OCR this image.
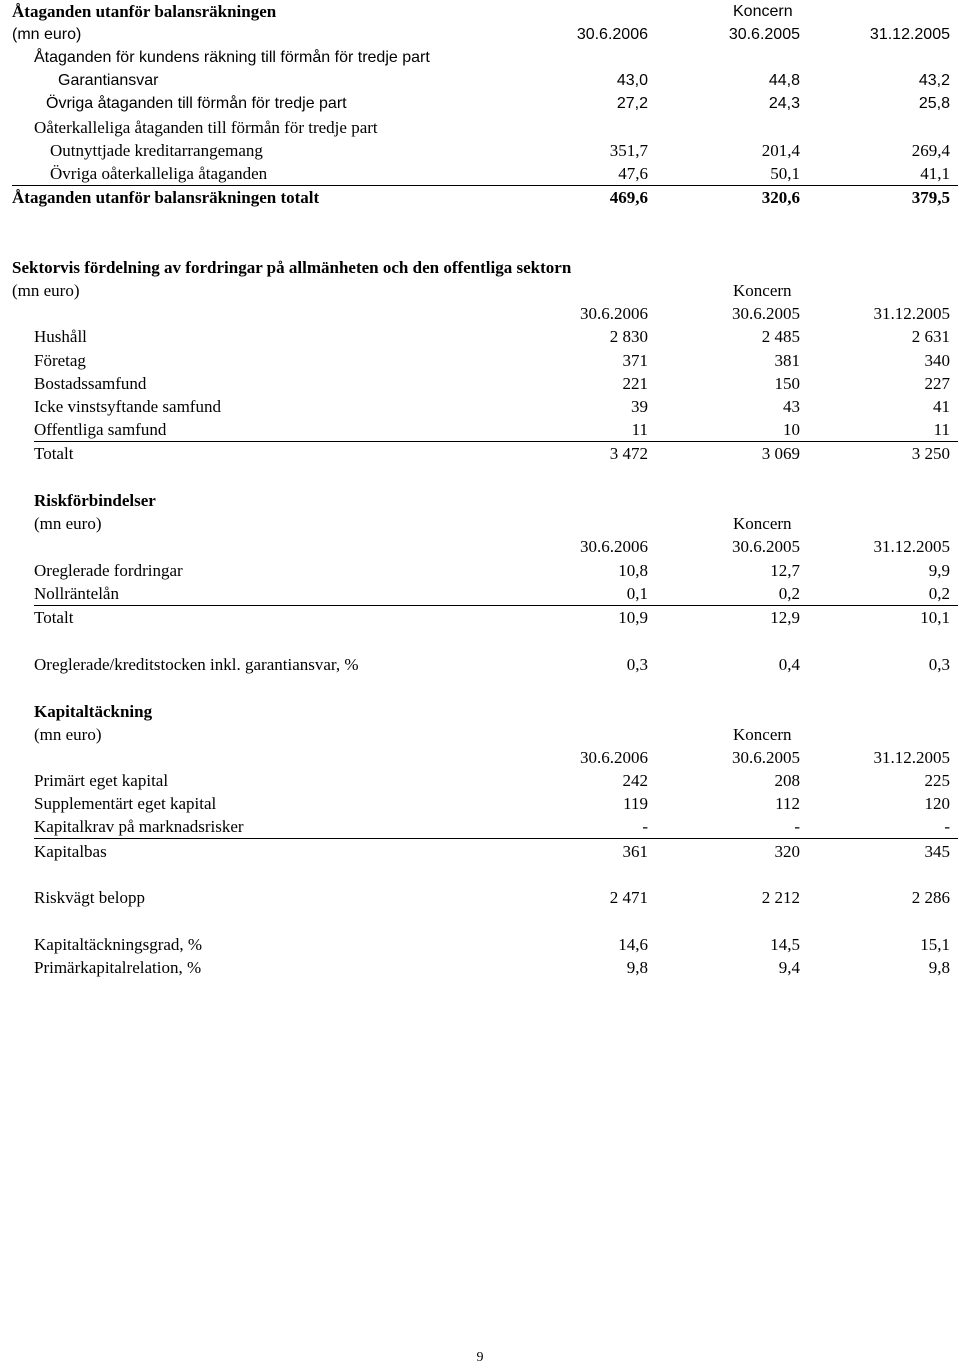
Åtaganden utanför balansräkningen	Koncern
(mn euro)	30.6.2006	30.6.2005	31.12.2005
Åtaganden för kundens räkning till förmån för tredje part
Garantiansvar	43,0	44,8	43,2
Övriga åtaganden till förmån för tredje part	27,2	24,3	25,8
Oåterkalleliga åtaganden till förmån för tredje part
Outnyttjade kreditarrangemang	351,7	201,4	269,4
Övriga oåterkalleliga åtaganden	47,6	50,1	41,1
Åtaganden utanför balansräkningen totalt	469,6	320,6	379,5
Sektorvis fördelning av fordringar på allmänheten och den offentliga sektorn
(mn euro)	Koncern
30.6.2006	30.6.2005	31.12.2005
Hushåll	2 830	2 485	2 631
Företag	371	381	340
Bostadssamfund	221	150	227
Icke vinstsyftande samfund	39	43	41
Offentliga samfund	11	10	11
Totalt	3 472	3 069	3 250
Riskförbindelser
(mn euro)	Koncern
30.6.2006	30.6.2005	31.12.2005
Oreglerade fordringar	10,8	12,7	9,9
Nollräntelån	0,1	0,2	0,2
Totalt	10,9	12,9	10,1
Oreglerade/kreditstocken inkl. garantiansvar, %	0,3	0,4	0,3
Kapitaltäckning
(mn euro)	Koncern
30.6.2006	30.6.2005	31.12.2005
Primärt eget kapital	242	208	225
Supplementärt eget kapital	119	112	120
Kapitalkrav på marknadsrisker	-	-	-
Kapitalbas	361	320	345
Riskvägt belopp	2 471	2 212	2 286
Kapitaltäckningsgrad, %	14,6	14,5	15,1
Primärkapitalrelation, %	9,8	9,4	9,8
9
